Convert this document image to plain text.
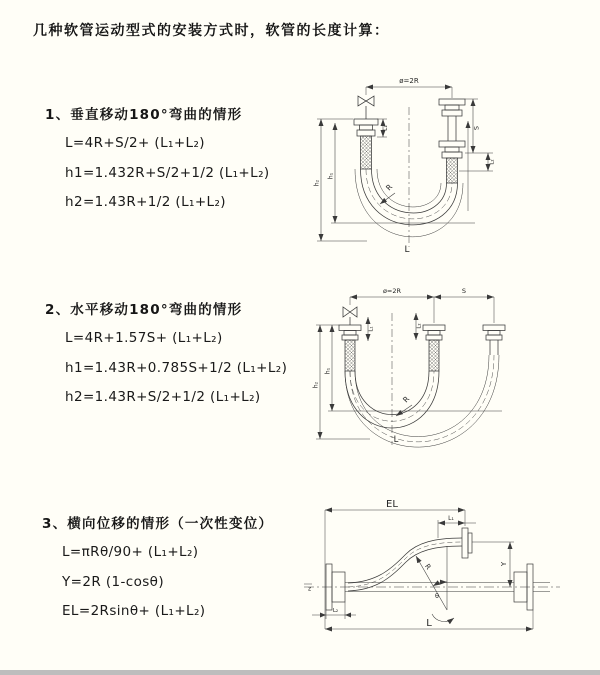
几种软管运动型式的安装方式时，软管的长度计算：
1、垂直移动180°弯曲的情形

L=4R+S/2+ (L₁+L₂)

h1=1.432R+S/2+1/2 (L₁+L₂)

h2=1.43R+1/2 (L₁+L₂)

2、水平移动180°弯曲的情形

L=4R+1.57S+ (L₁+L₂)

h1=1.43R+0.785S+1/2 (L₁+L₂)

h2=1.43R+S/2+1/2 (L₁+L₂)

3、横向位移的情形（一次性变位）

L=πRθ/90+ (L₁+L₂)

Y=2R (1-cosθ)

EL=2Rsinθ+ (L₁+L₂)

ø=2R
L₁	S
L₂
h₂
h₁
R
L
ø=2R	S
L₁
L₂
h₂
h₁
R
L
EL
L₁
Y
R
θ
L
L₂
z
